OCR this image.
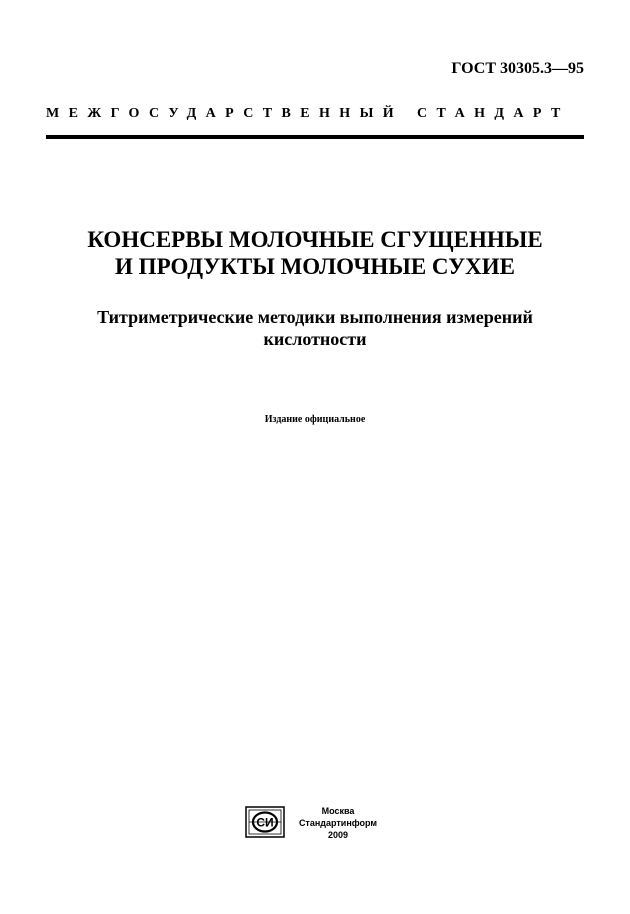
ГОСТ 30305.3—95
МЕЖГОСУДАРСТВЕННЫЙ СТАНДАРТ
КОНСЕРВЫ МОЛОЧНЫЕ СГУЩЕННЫЕ
И ПРОДУКТЫ МОЛОЧНЫЕ СУХИЕ
Титриметрические методики выполнения измерений
кислотности
Издание официальное
СИ
Москва
Стандартинформ
2009
